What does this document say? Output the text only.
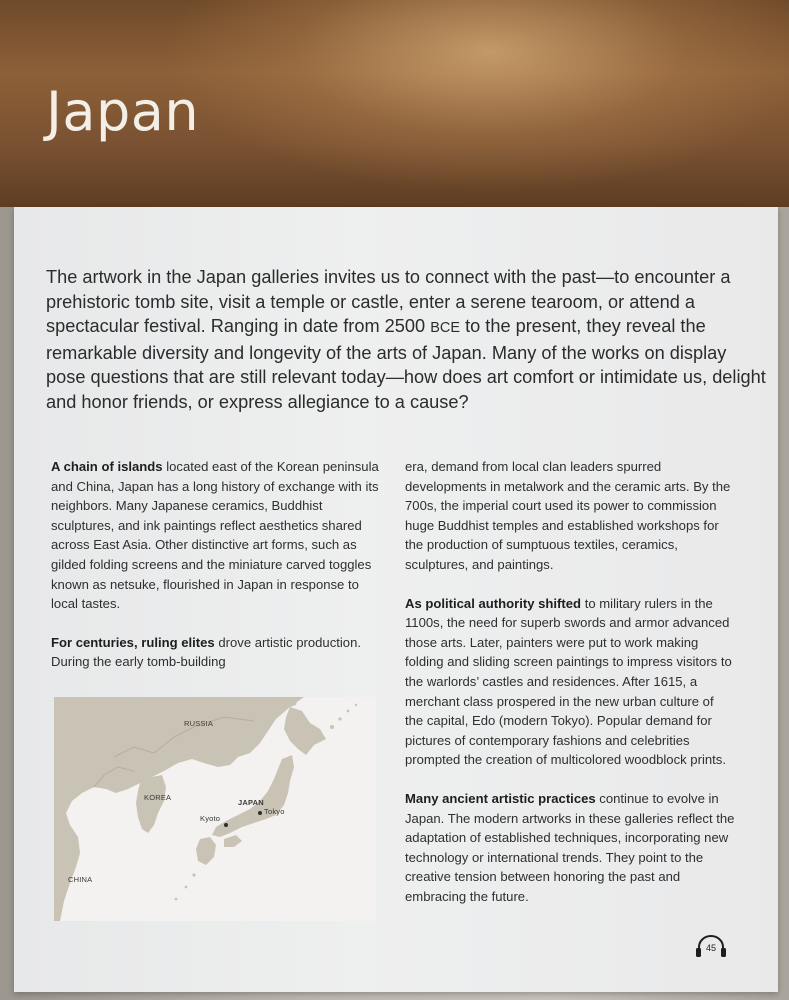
Japan

The artwork in the Japan galleries invites us to connect with the past—to encounter a prehistoric tomb site, visit a temple or castle, enter a serene tearoom, or attend a spectacular festival. Ranging in date from 2500 BCE to the present, they reveal the remarkable diversity and longevity of the arts of Japan. Many of the works on display pose questions that are still relevant today—how does art comfort or intimidate us, delight and honor friends, or express allegiance to a cause?

A chain of islands located east of the Korean peninsula and China, Japan has a long history of exchange with its neighbors. Many Japanese ceramics, Buddhist sculptures, and ink paintings reflect aesthetics shared across East Asia. Other distinctive art forms, such as gilded folding screens and the miniature carved toggles known as netsuke, flourished in Japan in response to local tastes.

For centuries, ruling elites drove artistic production. During the early tomb-building

RUSSIA
KOREA
JAPAN
Kyoto
Tokyo
CHINA

era, demand from local clan leaders spurred developments in metalwork and the ceramic arts. By the 700s, the imperial court used its power to commission huge Buddhist temples and established workshops for the production of sumptuous textiles, ceramics, sculptures, and paintings.

As political authority shifted to military rulers in the 1100s, the need for superb swords and armor advanced those arts. Later, painters were put to work making folding and sliding screen paintings to impress visitors to the warlords’ castles and residences. After 1615, a merchant class prospered in the new urban culture of the capital, Edo (modern Tokyo). Popular demand for pictures of contemporary fashions and celebrities prompted the creation of multicolored woodblock prints.

Many ancient artistic practices continue to evolve in Japan. The modern artworks in these galleries reflect the adaptation of established techniques, incorporating new technology or international trends. They point to the creative tension between honoring the past and embracing the future.

45
